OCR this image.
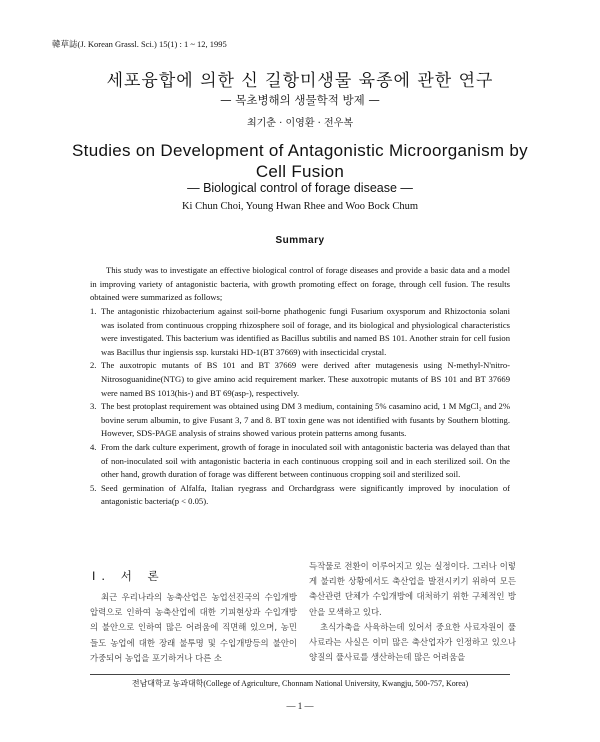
韓草誌(J. Korean Grassl. Sci.) 15(1) : 1 ~ 12, 1995
세포융합에 의한 신 길항미생물 육종에 관한 연구
— 목초병해의 생물학적 방제 —
최기춘 · 이영환 · 전우복
Studies on Development of Antagonistic Microorganism by Cell Fusion
— Biological control of forage disease —
Ki Chun Choi, Young Hwan Rhee and Woo Bock Chum
Summary
This study was to investigate an effective biological control of forage diseases and provide a basic data and a model in improving variety of antagonistic bacteria, with growth promoting effect on forage, through cell fusion. The results obtained were summarized as follows;
1. The antagonistic rhizobacterium against soil-borne phathogenic fungi Fusarium oxysporum and Rhizoctonia solani was isolated from continuous cropping rhizosphere soil of forage, and its biological and physiological characteristics were investigated. This bacterium was identified as Bacillus subtilis and named BS 101. Another strain for cell fusion was Bacillus thur ingiensis ssp. kurstaki HD-1(BT 37669) with insecticidal crystal.
2. The auxotropic mutants of BS 101 and BT 37669 were derived after mutagenesis using N-methyl-N'nitro-Nitrosoguanidine(NTG) to give amino acid requirement marker. These auxotropic mutants of BS 101 and BT 37669 were named BS 1013(his-) and BT 69(asp-), respectively.
3. The best protoplast requirement was obtained using DM 3 medium, containing 5% casamino acid, 1 M MgCl₂ and 2% bovine serum albumin, to give Fusant 3, 7 and 8. BT toxin gene was not identified with fusants by Southern blotting. However, SDS-PAGE analysis of strains showed various protein patterns among fusants.
4. From the dark culture experiment, growth of forage in inoculated soil with antagonistic bacteria was delayed than that of non-inoculated soil with antagonistic bacteria in each continuous cropping soil and in each sterilized soil. On the other hand, growth duration of forage was different between continuous cropping soil and sterilized soil.
5. Seed germination of Alfalfa, Italian ryegrass and Orchardgrass were significantly improved by inoculation of antagonistic bacteria(p < 0.05).
I. 서 론

최근 우리나라의 농축산업은 농업선진국의 수입개방압력으로 인하여 농축산업에 대한 기피현상과 수입개방의 불안으로 인하여 많은 어려움에 직면해 있으며, 농민들도 농업에 대한 장래 불투명 및 수입개방등의 불안이 가중되어 농업을 포기하거나 다른 소

득작물로 전환이 이루어지고 있는 실정이다. 그러나 이렇게 불리한 상황에서도 축산업을 발전시키기 위하여 모든 축산관련 단체가 수입개방에 대처하기 위한 구체적인 방안을 모색하고 있다.

초식가축을 사육하는데 있어서 중요한 사료자원이 풀사료라는 사실은 이미 많은 축산업자가 인정하고 있으나 양질의 풀사료를 생산하는데 많은 어려움을

전남대학교 농과대학(College of Agriculture, Chonnam National University, Kwangju, 500-757, Korea)
— 1 —
